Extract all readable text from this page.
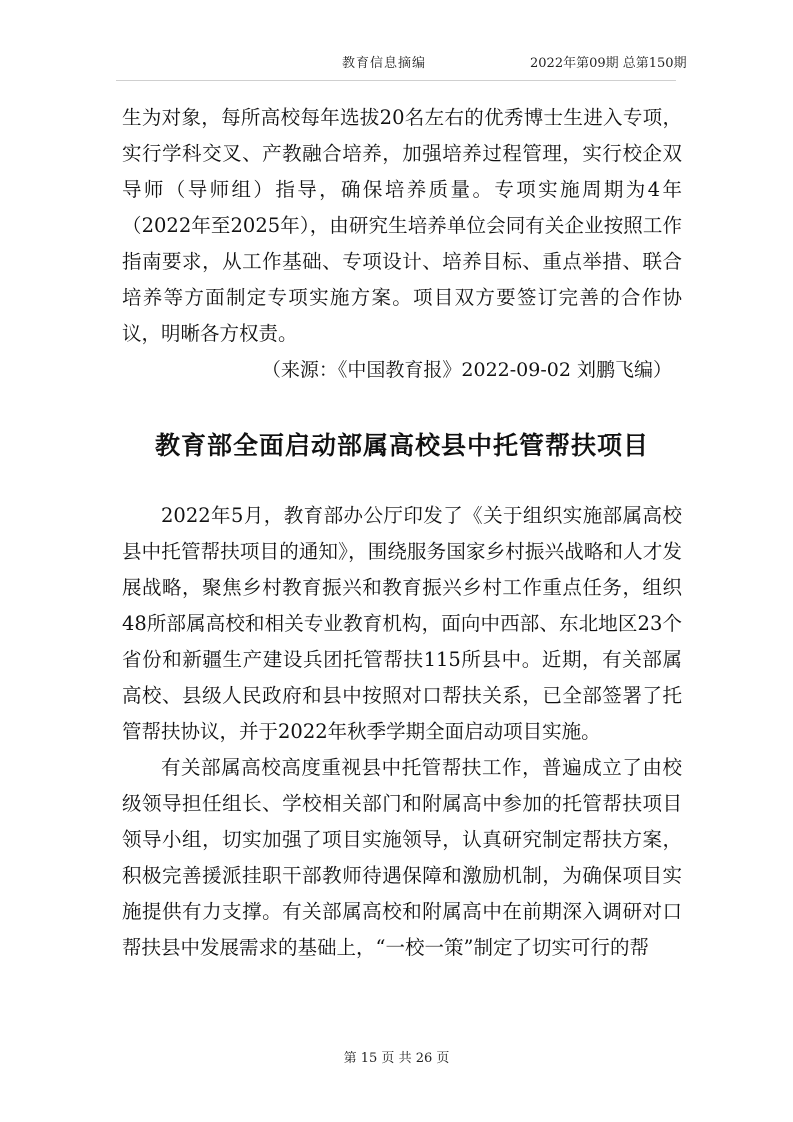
教育信息摘编	2022年第09期 总第150期

生为对象，每所高校每年选拔20名左右的优秀博士生进入专项，实行学科交叉、产教融合培养，加强培养过程管理，实行校企双导师（导师组）指导，确保培养质量。专项实施周期为4年（2022年至2025年），由研究生培养单位会同有关企业按照工作指南要求，从工作基础、专项设计、培养目标、重点举措、联合培养等方面制定专项实施方案。项目双方要签订完善的合作协议，明晰各方权责。

（来源：《中国教育报》2022-09-02 刘鹏飞编）

教育部全面启动部属高校县中托管帮扶项目

2022年5月，教育部办公厅印发了《关于组织实施部属高校县中托管帮扶项目的通知》，围绕服务国家乡村振兴战略和人才发展战略，聚焦乡村教育振兴和教育振兴乡村工作重点任务，组织48所部属高校和相关专业教育机构，面向中西部、东北地区23个省份和新疆生产建设兵团托管帮扶115所县中。近期，有关部属高校、县级人民政府和县中按照对口帮扶关系，已全部签署了托管帮扶协议，并于2022年秋季学期全面启动项目实施。

有关部属高校高度重视县中托管帮扶工作，普遍成立了由校级领导担任组长、学校相关部门和附属高中参加的托管帮扶项目领导小组，切实加强了项目实施领导，认真研究制定帮扶方案，积极完善援派挂职干部教师待遇保障和激励机制，为确保项目实施提供有力支撑。有关部属高校和附属高中在前期深入调研对口帮扶县中发展需求的基础上，“一校一策”制定了切实可行的帮

第 15 页 共 26 页
